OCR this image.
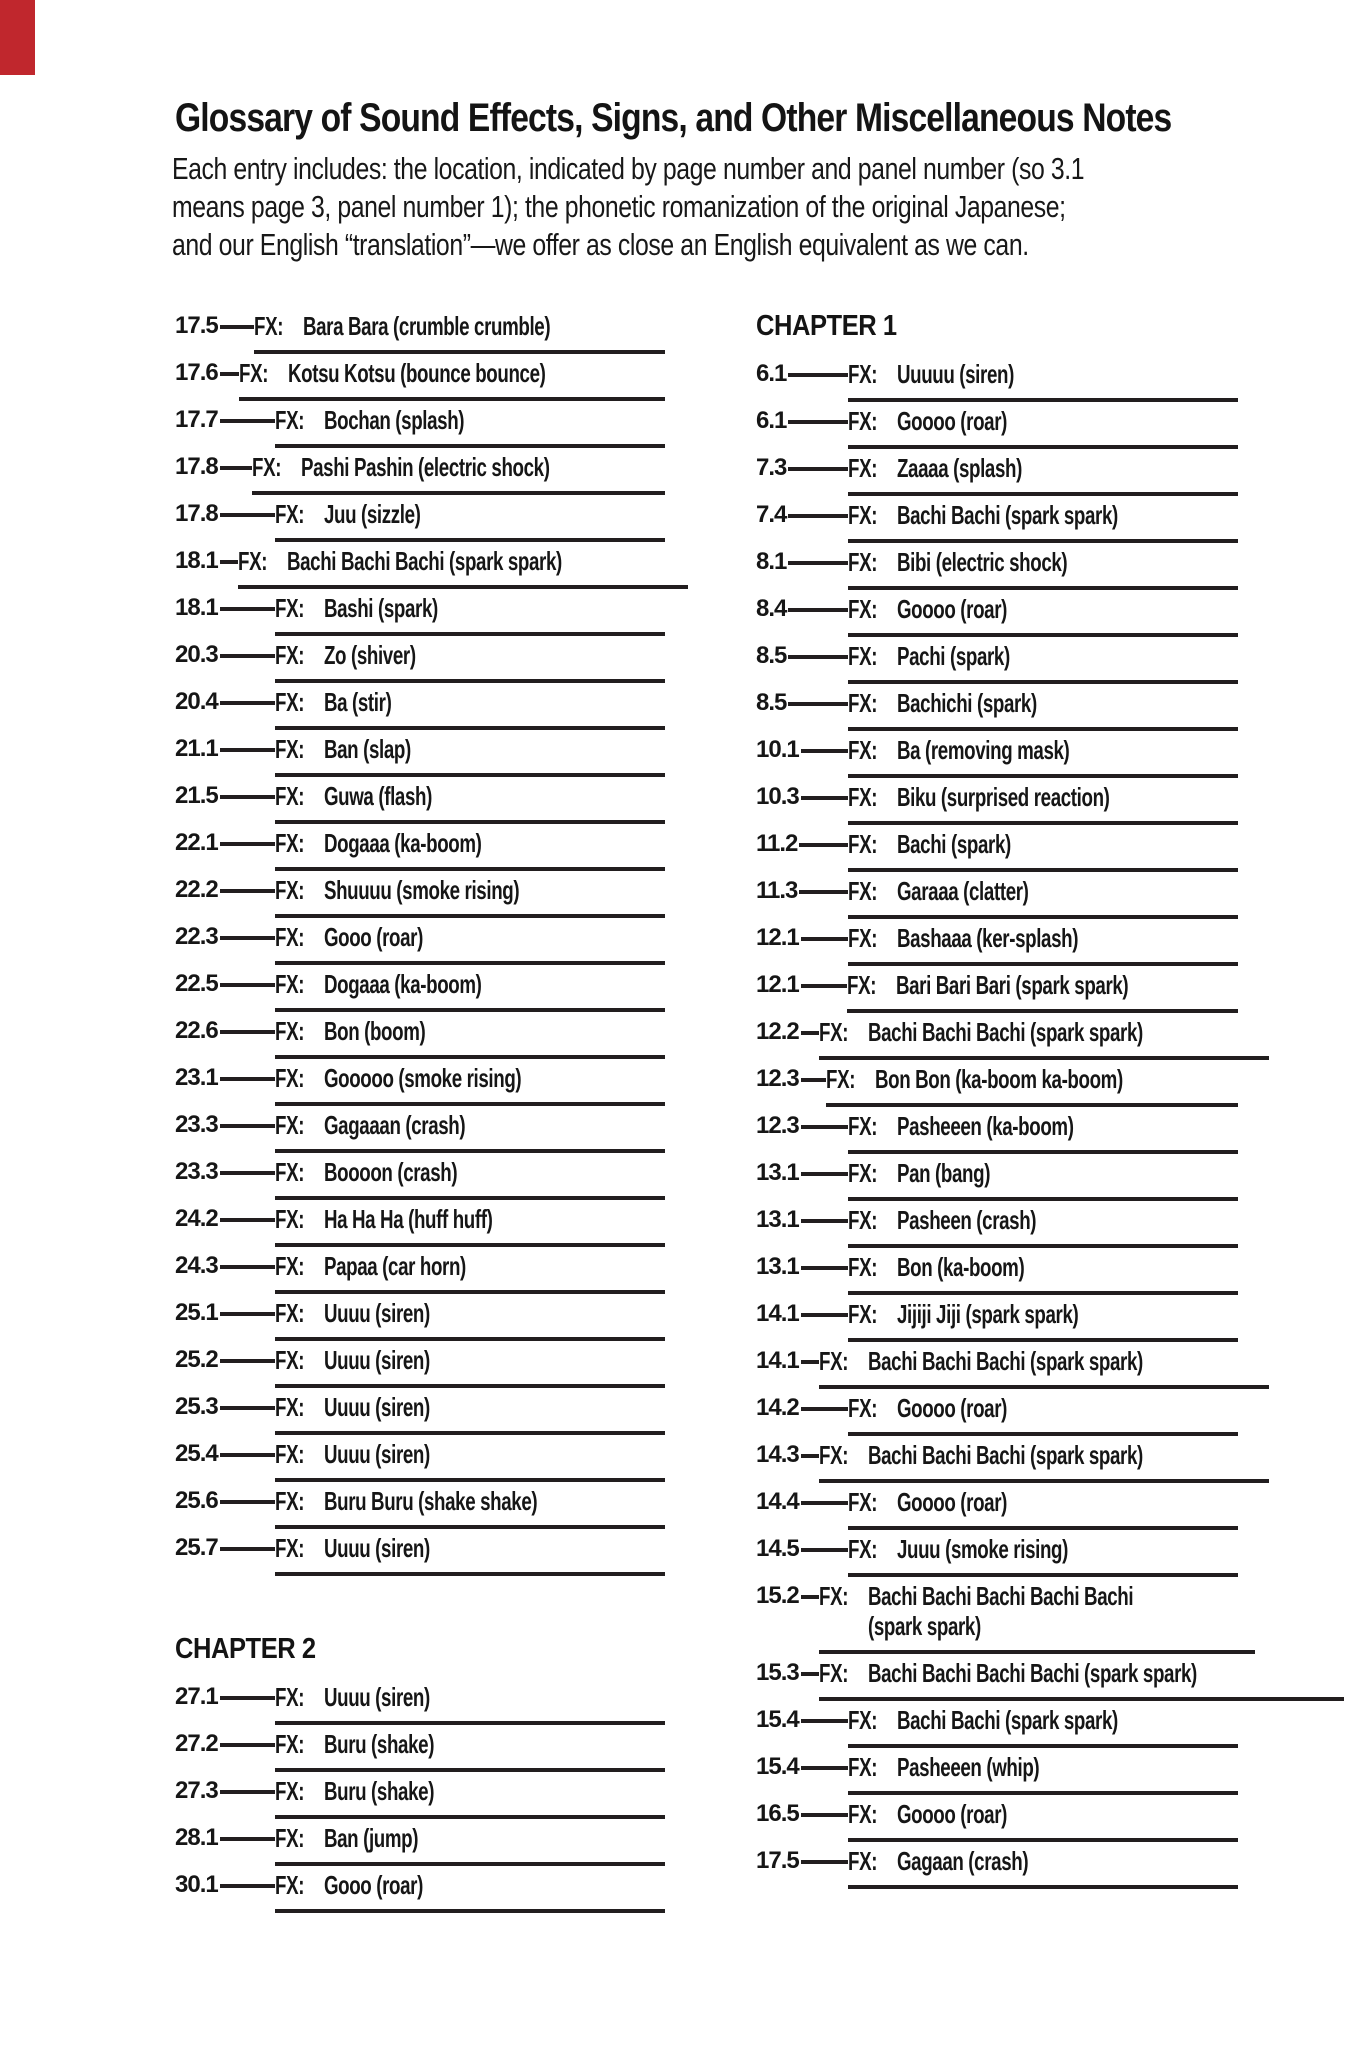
Glossary of Sound Effects, Signs, and Other Miscellaneous Notes
Each entry includes: the location, indicated by page number and panel number (so 3.1
means page 3, panel number 1); the phonetic romanization of the original Japanese;
and our English “translation”—we offer as close an English equivalent as we can.
17.5 FX: Bara Bara (crumble crumble)
17.6 FX: Kotsu Kotsu (bounce bounce)
17.7 FX: Bochan (splash)
17.8 FX: Pashi Pashin (electric shock)
17.8 FX: Juu (sizzle)
18.1 FX: Bachi Bachi Bachi (spark spark)
18.1 FX: Bashi (spark)
20.3 FX: Zo (shiver)
20.4 FX: Ba (stir)
21.1 FX: Ban (slap)
21.5 FX: Guwa (flash)
22.1 FX: Dogaaa (ka-boom)
22.2 FX: Shuuuu (smoke rising)
22.3 FX: Gooo (roar)
22.5 FX: Dogaaa (ka-boom)
22.6 FX: Bon (boom)
23.1 FX: Gooooo (smoke rising)
23.3 FX: Gagaaan (crash)
23.3 FX: Boooon (crash)
24.2 FX: Ha Ha Ha (huff huff)
24.3 FX: Papaa (car horn)
25.1 FX: Uuuu (siren)
25.2 FX: Uuuu (siren)
25.3 FX: Uuuu (siren)
25.4 FX: Uuuu (siren)
25.6 FX: Buru Buru (shake shake)
25.7 FX: Uuuu (siren)
CHAPTER 2
27.1 FX: Uuuu (siren)
27.2 FX: Buru (shake)
27.3 FX: Buru (shake)
28.1 FX: Ban (jump)
30.1 FX: Gooo (roar)
CHAPTER 1
6.1 FX: Uuuuu (siren)
6.1 FX: Goooo (roar)
7.3 FX: Zaaaa (splash)
7.4 FX: Bachi Bachi (spark spark)
8.1 FX: Bibi (electric shock)
8.4 FX: Goooo (roar)
8.5 FX: Pachi (spark)
8.5 FX: Bachichi (spark)
10.1 FX: Ba (removing mask)
10.3 FX: Biku (surprised reaction)
11.2 FX: Bachi (spark)
11.3 FX: Garaaa (clatter)
12.1 FX: Bashaaa (ker-splash)
12.1 FX: Bari Bari Bari (spark spark)
12.2 FX: Bachi Bachi Bachi (spark spark)
12.3 FX: Bon Bon (ka-boom ka-boom)
12.3 FX: Pasheeen (ka-boom)
13.1 FX: Pan (bang)
13.1 FX: Pasheen (crash)
13.1 FX: Bon (ka-boom)
14.1 FX: Jijiji Jiji (spark spark)
14.1 FX: Bachi Bachi Bachi (spark spark)
14.2 FX: Goooo (roar)
14.3 FX: Bachi Bachi Bachi (spark spark)
14.4 FX: Goooo (roar)
14.5 FX: Juuu (smoke rising)
15.2 FX: Bachi Bachi Bachi Bachi Bachi
(spark spark)
15.3 FX: Bachi Bachi Bachi Bachi (spark spark)
15.4 FX: Bachi Bachi (spark spark)
15.4 FX: Pasheeen (whip)
16.5 FX: Goooo (roar)
17.5 FX: Gagaan (crash)
